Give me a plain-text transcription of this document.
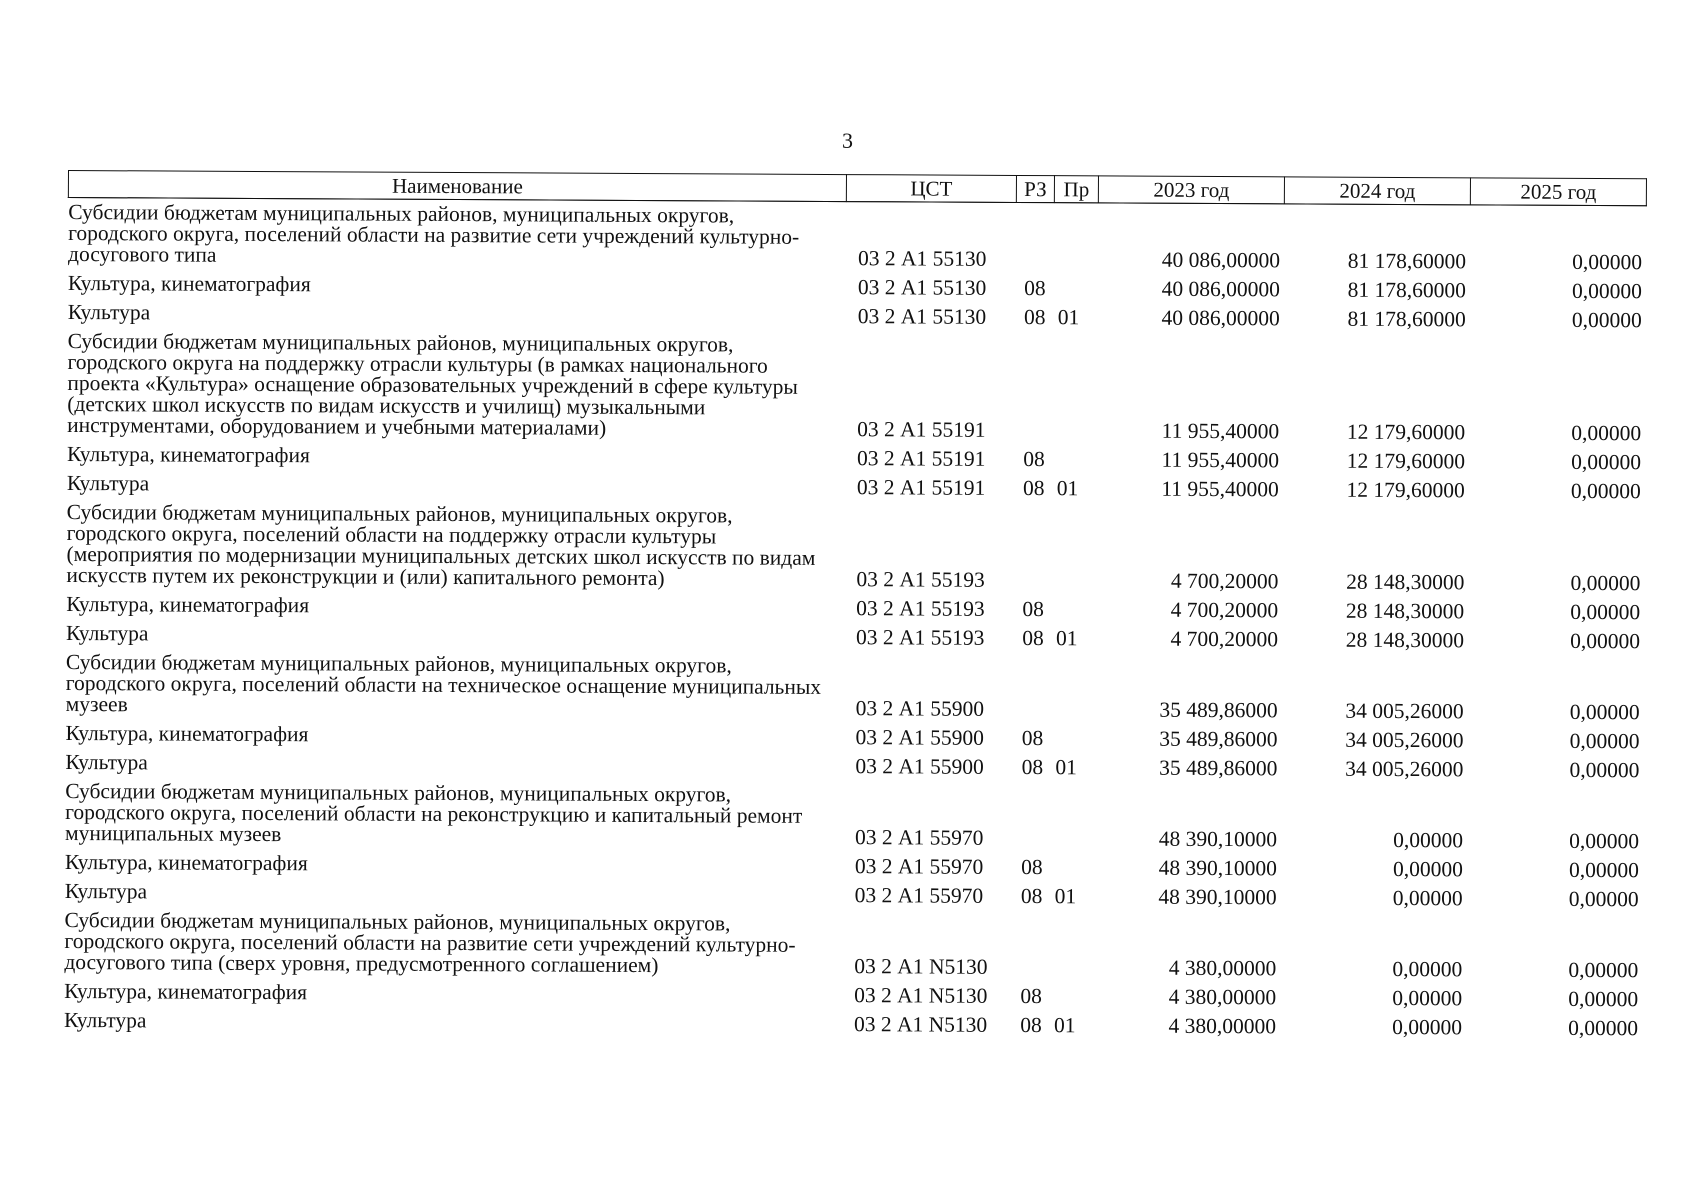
3
Наименование	ЦСТ	РЗ	Пр	2023 год	2024 год	2025 год
Субсидии бюджетам муниципальных районов, муниципальных округов, городского округа, поселений области на развитие сети учреждений культурно-досугового типа	03 2 А1 55130			40 086,00000	81 178,60000	0,00000
Культура, кинематография	03 2 А1 55130	08		40 086,00000	81 178,60000	0,00000
Культура	03 2 А1 55130	08	01	40 086,00000	81 178,60000	0,00000
Субсидии бюджетам муниципальных районов, муниципальных округов, городского округа на поддержку отрасли культуры (в рамках национального проекта «Культура» оснащение образовательных учреждений в сфере культуры (детских школ искусств по видам искусств и училищ) музыкальными инструментами, оборудованием и учебными материалами)	03 2 А1 55191			11 955,40000	12 179,60000	0,00000
Культура, кинематография	03 2 А1 55191	08		11 955,40000	12 179,60000	0,00000
Культура	03 2 А1 55191	08	01	11 955,40000	12 179,60000	0,00000
Субсидии бюджетам муниципальных районов, муниципальных округов, городского округа, поселений области на поддержку отрасли культуры (мероприятия по модернизации муниципальных детских школ искусств по видам искусств путем их реконструкции и (или) капитального ремонта)	03 2 А1 55193			4 700,20000	28 148,30000	0,00000
Культура, кинематография	03 2 А1 55193	08		4 700,20000	28 148,30000	0,00000
Культура	03 2 А1 55193	08	01	4 700,20000	28 148,30000	0,00000
Субсидии бюджетам муниципальных районов, муниципальных округов, городского округа, поселений области на техническое оснащение муниципальных музеев	03 2 А1 55900			35 489,86000	34 005,26000	0,00000
Культура, кинематография	03 2 А1 55900	08		35 489,86000	34 005,26000	0,00000
Культура	03 2 А1 55900	08	01	35 489,86000	34 005,26000	0,00000
Субсидии бюджетам муниципальных районов, муниципальных округов, городского округа, поселений области на реконструкцию и капитальный ремонт муниципальных музеев	03 2 А1 55970			48 390,10000	0,00000	0,00000
Культура, кинематография	03 2 А1 55970	08		48 390,10000	0,00000	0,00000
Культура	03 2 А1 55970	08	01	48 390,10000	0,00000	0,00000
Субсидии бюджетам муниципальных районов, муниципальных округов, городского округа, поселений области на развитие сети учреждений культурно-досугового типа (сверх уровня, предусмотренного соглашением)	03 2 А1 N5130			4 380,00000	0,00000	0,00000
Культура, кинематография	03 2 А1 N5130	08		4 380,00000	0,00000	0,00000
Культура	03 2 А1 N5130	08	01	4 380,00000	0,00000	0,00000
